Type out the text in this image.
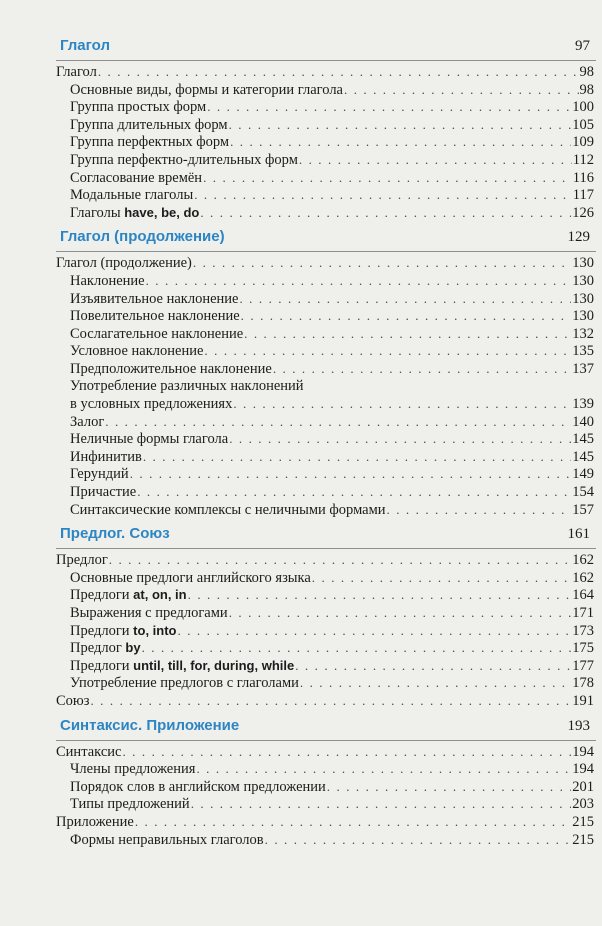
Глагол	97
Глагол . . .	98
Основные виды, формы и категории глагола . . .	98
Группа простых форм . . .	100
Группа длительных форм . . .	105
Группа перфектных форм . . .	109
Группа перфектно-длительных форм . . .	112
Согласование времён . . .	116
Модальные глаголы . . .	117
Глаголы have, be, do . . .	126
Глагол (продолжение)	129
Глагол (продолжение) . . .	130
Наклонение . . .	130
Изъявительное наклонение . . .	130
Повелительное наклонение . . .	130
Сослагательное наклонение . . .	132
Условное наклонение . . .	135
Предположительное наклонение . . .	137
Употребление различных наклонений
в условных предложениях . . .	139
Залог . . .	140
Неличные формы глагола . . .	145
Инфинитив . . .	145
Герундий . . .	149
Причастие . . .	154
Синтаксические комплексы с неличными формами . . .	157
Предлог. Союз	161
Предлог . . .	162
Основные предлоги английского языка . . .	162
Предлоги at, on, in . . .	164
Выражения с предлогами . . .	171
Предлоги to, into . . .	173
Предлог by . . .	175
Предлоги until, till, for, during, while . . .	177
Употребление предлогов с глаголами . . .	178
Союз . . .	191
Синтаксис. Приложение	193
Синтаксис . . .	194
Члены предложения . . .	194
Порядок слов в английском предложении . . .	201
Типы предложений . . .	203
Приложение . . .	215
Формы неправильных глаголов . . .	215
